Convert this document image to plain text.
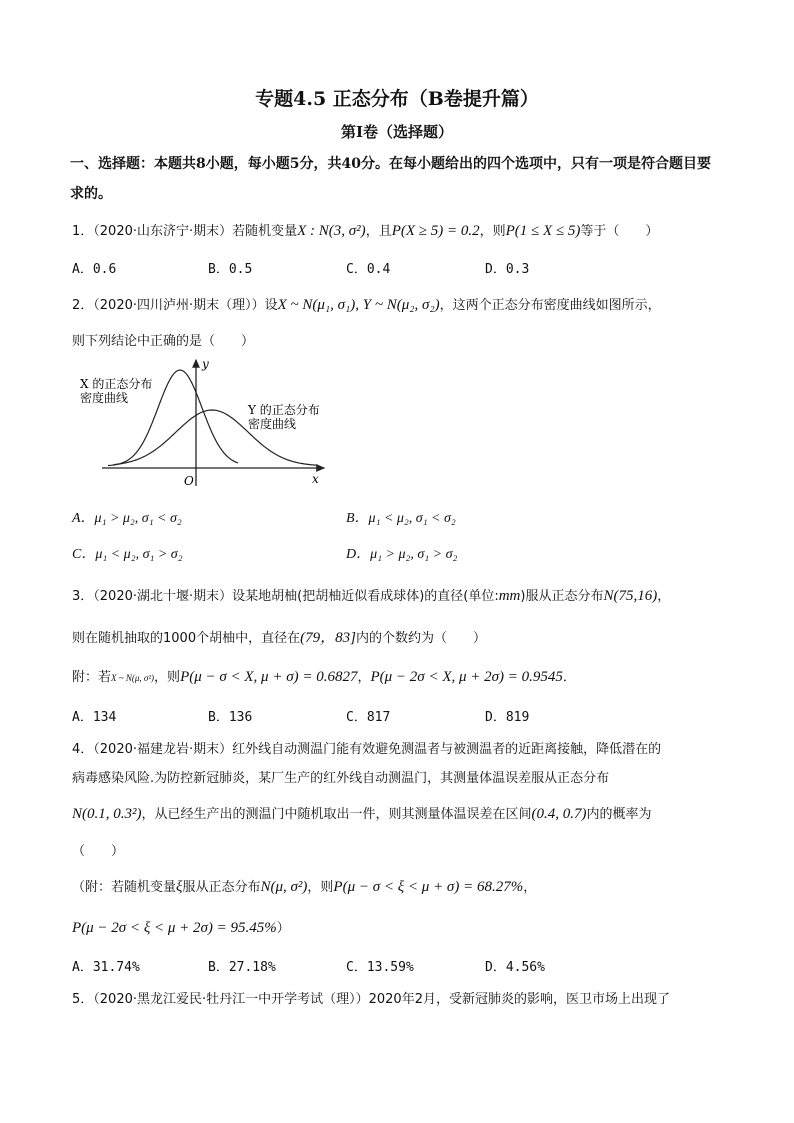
专题4.5 正态分布（B卷提升篇）
第Ⅰ卷（选择题）
一、选择题：本题共8小题，每小题5分，共40分。在每小题给出的四个选项中，只有一项是符合题目要
求的。
1．（2020·山东济宁·期末）若随机变量X : N(3, σ²)，且P(X ≥ 5) = 0.2，则P(1 ≤ X ≤ 5)等于（　　）
A．0.6	B．0.5	C．0.4	D．0.3
2．（2020·四川泸州·期末（理））设X ~ N(μ₁, σ₁), Y ~ N(μ₂, σ₂)，这两个正态分布密度曲线如图所示，
则下列结论中正确的是（　　）
X 的正态分布
密度曲线
Y 的正态分布
密度曲线
O	x
y
A．μ₁ > μ₂, σ₁ < σ₂	B．μ₁ < μ₂, σ₁ < σ₂
C．μ₁ < μ₂, σ₁ > σ₂	D．μ₁ > μ₂, σ₁ > σ₂
3．（2020·湖北十堰·期末）设某地胡柚(把胡柚近似看成球体)的直径(单位:mm)服从正态分布N(75,16)，
则在随机抽取的1000个胡柚中，直径在(79，83]内的个数约为（　　）
附：若X ~ N(μ, σ²)，则P(μ − σ < X, μ + σ) = 0.6827，P(μ − 2σ < X, μ + 2σ) = 0.9545．
A．134	B．136	C．817	D．819
4．（2020·福建龙岩·期末）红外线自动测温门能有效避免测温者与被测温者的近距离接触，降低潜在的
病毒感染风险.为防控新冠肺炎，某厂生产的红外线自动测温门，其测量体温误差服从正态分布
N(0.1, 0.3²)，从已经生产出的测温门中随机取出一件，则其测量体温误差在区间(0.4, 0.7)内的概率为
（　　）
（附：若随机变量ξ服从正态分布N(μ, σ²)，则P(μ − σ < ξ < μ + σ) = 68.27%，
P(μ − 2σ < ξ < μ + 2σ) = 95.45%）
A．31.74%	B．27.18%	C．13.59%	D．4.56%
5．（2020·黑龙江爱民·牡丹江一中开学考试（理））2020年2月，受新冠肺炎的影响，医卫市场上出现了
